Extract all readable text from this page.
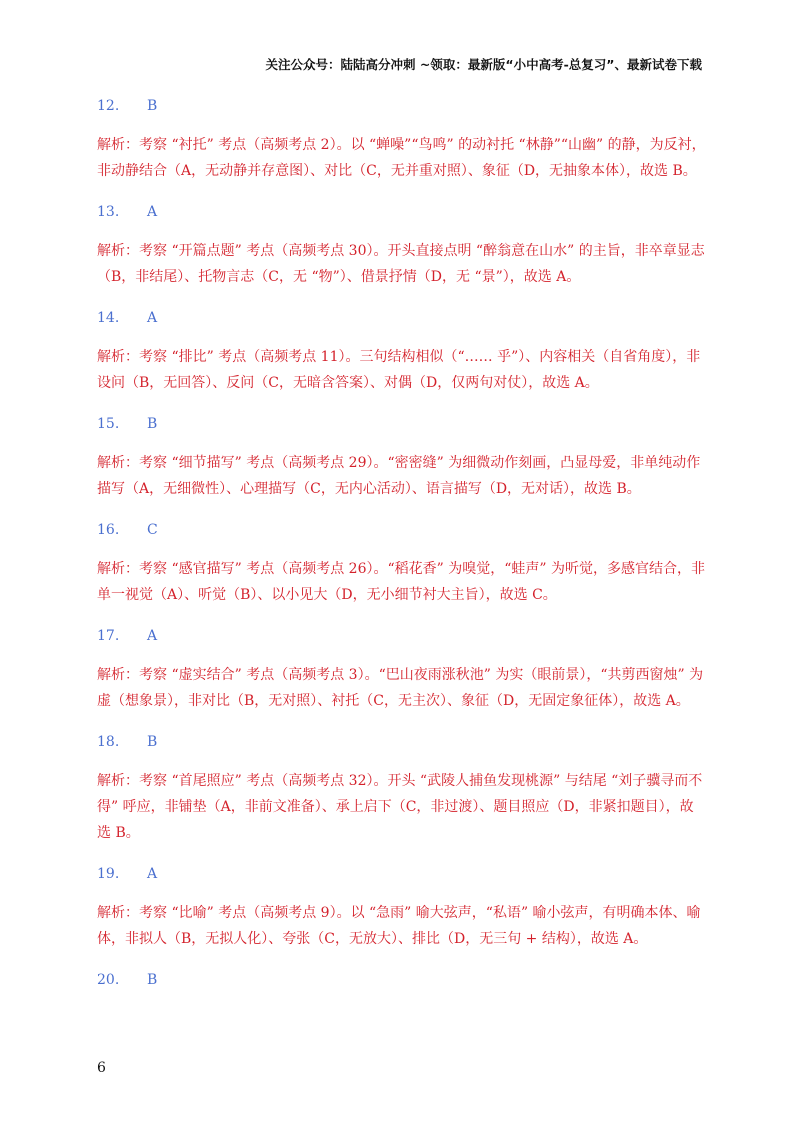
关注公众号：陆陆高分冲刺 ~领取：最新版“小中高考-总复习”、最新试卷下载
12. B
解析：考察 “衬托” 考点（高频考点 2）。以 “蝉噪”“鸟鸣” 的动衬托 “林静”“山幽” 的静，为反衬，非动静结合（A，无动静并存意图）、对比（C，无并重对照）、象征（D，无抽象本体），故选 B。
13. A
解析：考察 “开篇点题” 考点（高频考点 30）。开头直接点明 “醉翁意在山水” 的主旨，非卒章显志（B，非结尾）、托物言志（C，无 “物”）、借景抒情（D，无 “景”），故选 A。
14. A
解析：考察 “排比” 考点（高频考点 11）。三句结构相似（“…… 乎”）、内容相关（自省角度），非设问（B，无回答）、反问（C，无暗含答案）、对偶（D，仅两句对仗），故选 A。
15. B
解析：考察 “细节描写” 考点（高频考点 29）。“密密缝” 为细微动作刻画，凸显母爱，非单纯动作描写（A，无细微性）、心理描写（C，无内心活动）、语言描写（D，无对话），故选 B。
16. C
解析：考察 “感官描写” 考点（高频考点 26）。“稻花香” 为嗅觉，“蛙声” 为听觉，多感官结合，非单一视觉（A）、听觉（B）、以小见大（D，无小细节衬大主旨），故选 C。
17. A
解析：考察 “虚实结合” 考点（高频考点 3）。“巴山夜雨涨秋池” 为实（眼前景），“共剪西窗烛” 为虚（想象景），非对比（B，无对照）、衬托（C，无主次）、象征（D，无固定象征体），故选 A。
18. B
解析：考察 “首尾照应” 考点（高频考点 32）。开头 “武陵人捕鱼发现桃源” 与结尾 “刘子骥寻而不得” 呼应，非铺垫（A，非前文准备）、承上启下（C，非过渡）、题目照应（D，非紧扣题目），故选 B。
19. A
解析：考察 “比喻” 考点（高频考点 9）。以 “急雨” 喻大弦声，“私语” 喻小弦声，有明确本体、喻体，非拟人（B，无拟人化）、夸张（C，无放大）、排比（D，无三句 + 结构），故选 A。
20. B
6
